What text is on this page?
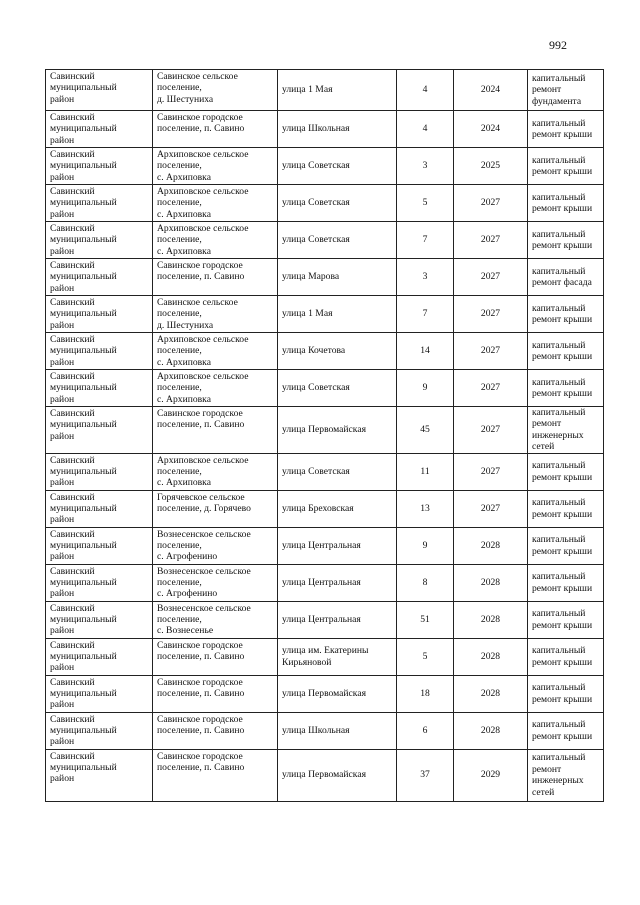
992
Савинский
муниципальный
район	Савинское сельское
поселение,
д. Шестуниха	улица 1 Мая	4	2024	капитальный
ремонт
фундамента

Савинский
муниципальный
район	Савинское городское
поселение, п. Савино	улица Школьная	4	2024	капитальный
ремонт крыши

Савинский
муниципальный
район	Архиповское сельское
поселение,
с. Архиповка	улица Советская	3	2025	капитальный
ремонт крыши

Савинский
муниципальный
район	Архиповское сельское
поселение,
с. Архиповка	улица Советская	5	2027	капитальный
ремонт крыши

Савинский
муниципальный
район	Архиповское сельское
поселение,
с. Архиповка	улица Советская	7	2027	капитальный
ремонт крыши

Савинский
муниципальный
район	Савинское городское
поселение, п. Савино	улица Марова	3	2027	капитальный
ремонт фасада

Савинский
муниципальный
район	Савинское сельское
поселение,
д. Шестуниха	улица 1 Мая	7	2027	капитальный
ремонт крыши

Савинский
муниципальный
район	Архиповское сельское
поселение,
с. Архиповка	улица Кочетова	14	2027	капитальный
ремонт крыши

Савинский
муниципальный
район	Архиповское сельское
поселение,
с. Архиповка	улица Советская	9	2027	капитальный
ремонт крыши

Савинский
муниципальный
район	Савинское городское
поселение, п. Савино	улица Первомайская	45	2027	капитальный
ремонт
инженерных
сетей

Савинский
муниципальный
район	Архиповское сельское
поселение,
с. Архиповка	улица Советская	11	2027	капитальный
ремонт крыши

Савинский
муниципальный
район	Горячевское сельское
поселение, д. Горячево	улица Бреховская	13	2027	капитальный
ремонт крыши

Савинский
муниципальный
район	Вознесенское сельское
поселение,
с. Агрофенино	улица Центральная	9	2028	капитальный
ремонт крыши

Савинский
муниципальный
район	Вознесенское сельское
поселение,
с. Агрофенино	улица Центральная	8	2028	капитальный
ремонт крыши

Савинский
муниципальный
район	Вознесенское сельское
поселение,
с. Вознесенье	улица Центральная	51	2028	капитальный
ремонт крыши

Савинский
муниципальный
район	Савинское городское
поселение, п. Савино	улица им. Екатерины
Кирьяновой	5	2028	капитальный
ремонт крыши

Савинский
муниципальный
район	Савинское городское
поселение, п. Савино	улица Первомайская	18	2028	капитальный
ремонт крыши

Савинский
муниципальный
район	Савинское городское
поселение, п. Савино	улица Школьная	6	2028	капитальный
ремонт крыши

Савинский
муниципальный
район	Савинское городское
поселение, п. Савино	улица Первомайская	37	2029	капитальный
ремонт
инженерных
сетей
